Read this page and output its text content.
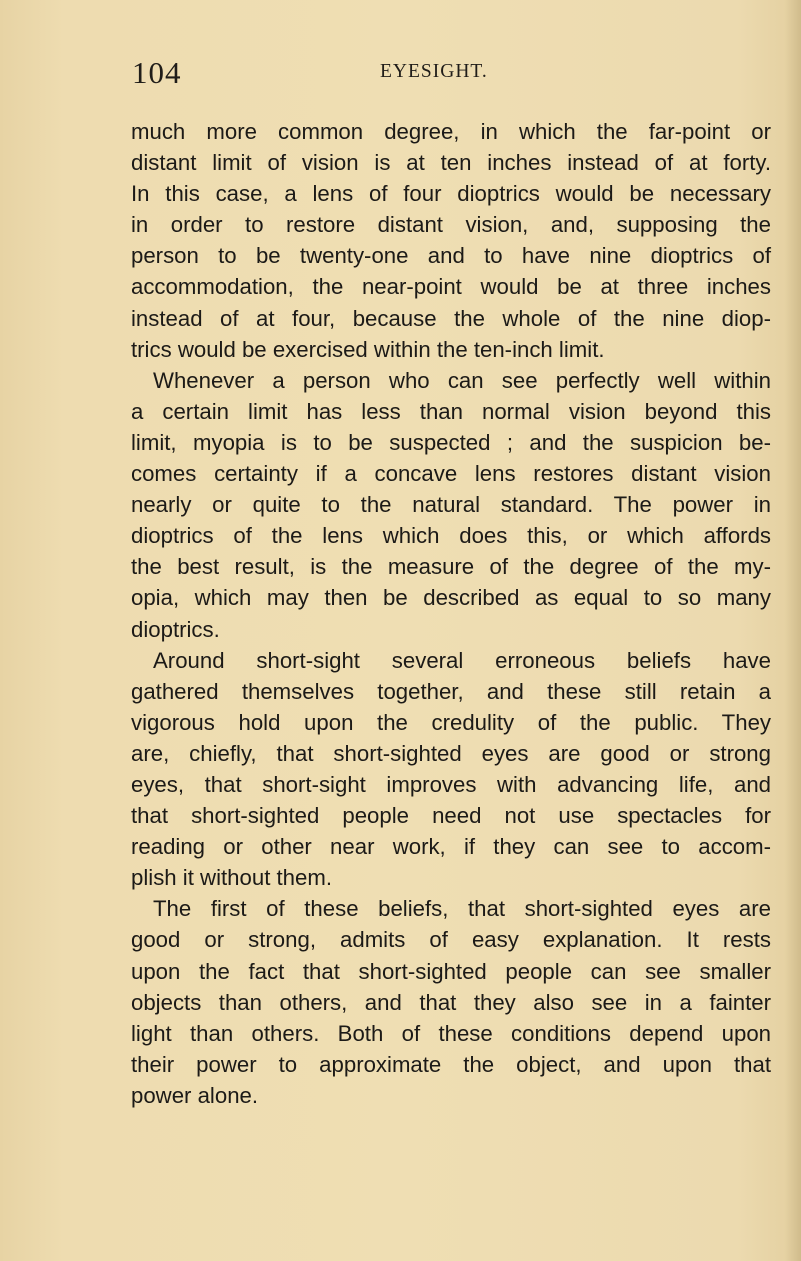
104	EYESIGHT.
much more common degree, in which the far-point or
distant limit of vision is at ten inches instead of at forty.
In this case, a lens of four dioptrics would be necessary
in order to restore distant vision, and, supposing the
person to be twenty-one and to have nine dioptrics of
accommodation, the near-point would be at three inches
instead of at four, because the whole of the nine diop-
trics would be exercised within the ten-inch limit.
Whenever a person who can see perfectly well within
a certain limit has less than normal vision beyond this
limit, myopia is to be suspected ; and the suspicion be-
comes certainty if a concave lens restores distant vision
nearly or quite to the natural standard. The power in
dioptrics of the lens which does this, or which affords
the best result, is the measure of the degree of the my-
opia, which may then be described as equal to so many
dioptrics.
Around short-sight several erroneous beliefs have
gathered themselves together, and these still retain a
vigorous hold upon the credulity of the public. They
are, chiefly, that short-sighted eyes are good or strong
eyes, that short-sight improves with advancing life, and
that short-sighted people need not use spectacles for
reading or other near work, if they can see to accom-
plish it without them.
The first of these beliefs, that short-sighted eyes are
good or strong, admits of easy explanation. It rests
upon the fact that short-sighted people can see smaller
objects than others, and that they also see in a fainter
light than others. Both of these conditions depend upon
their power to approximate the object, and upon that
power alone.
